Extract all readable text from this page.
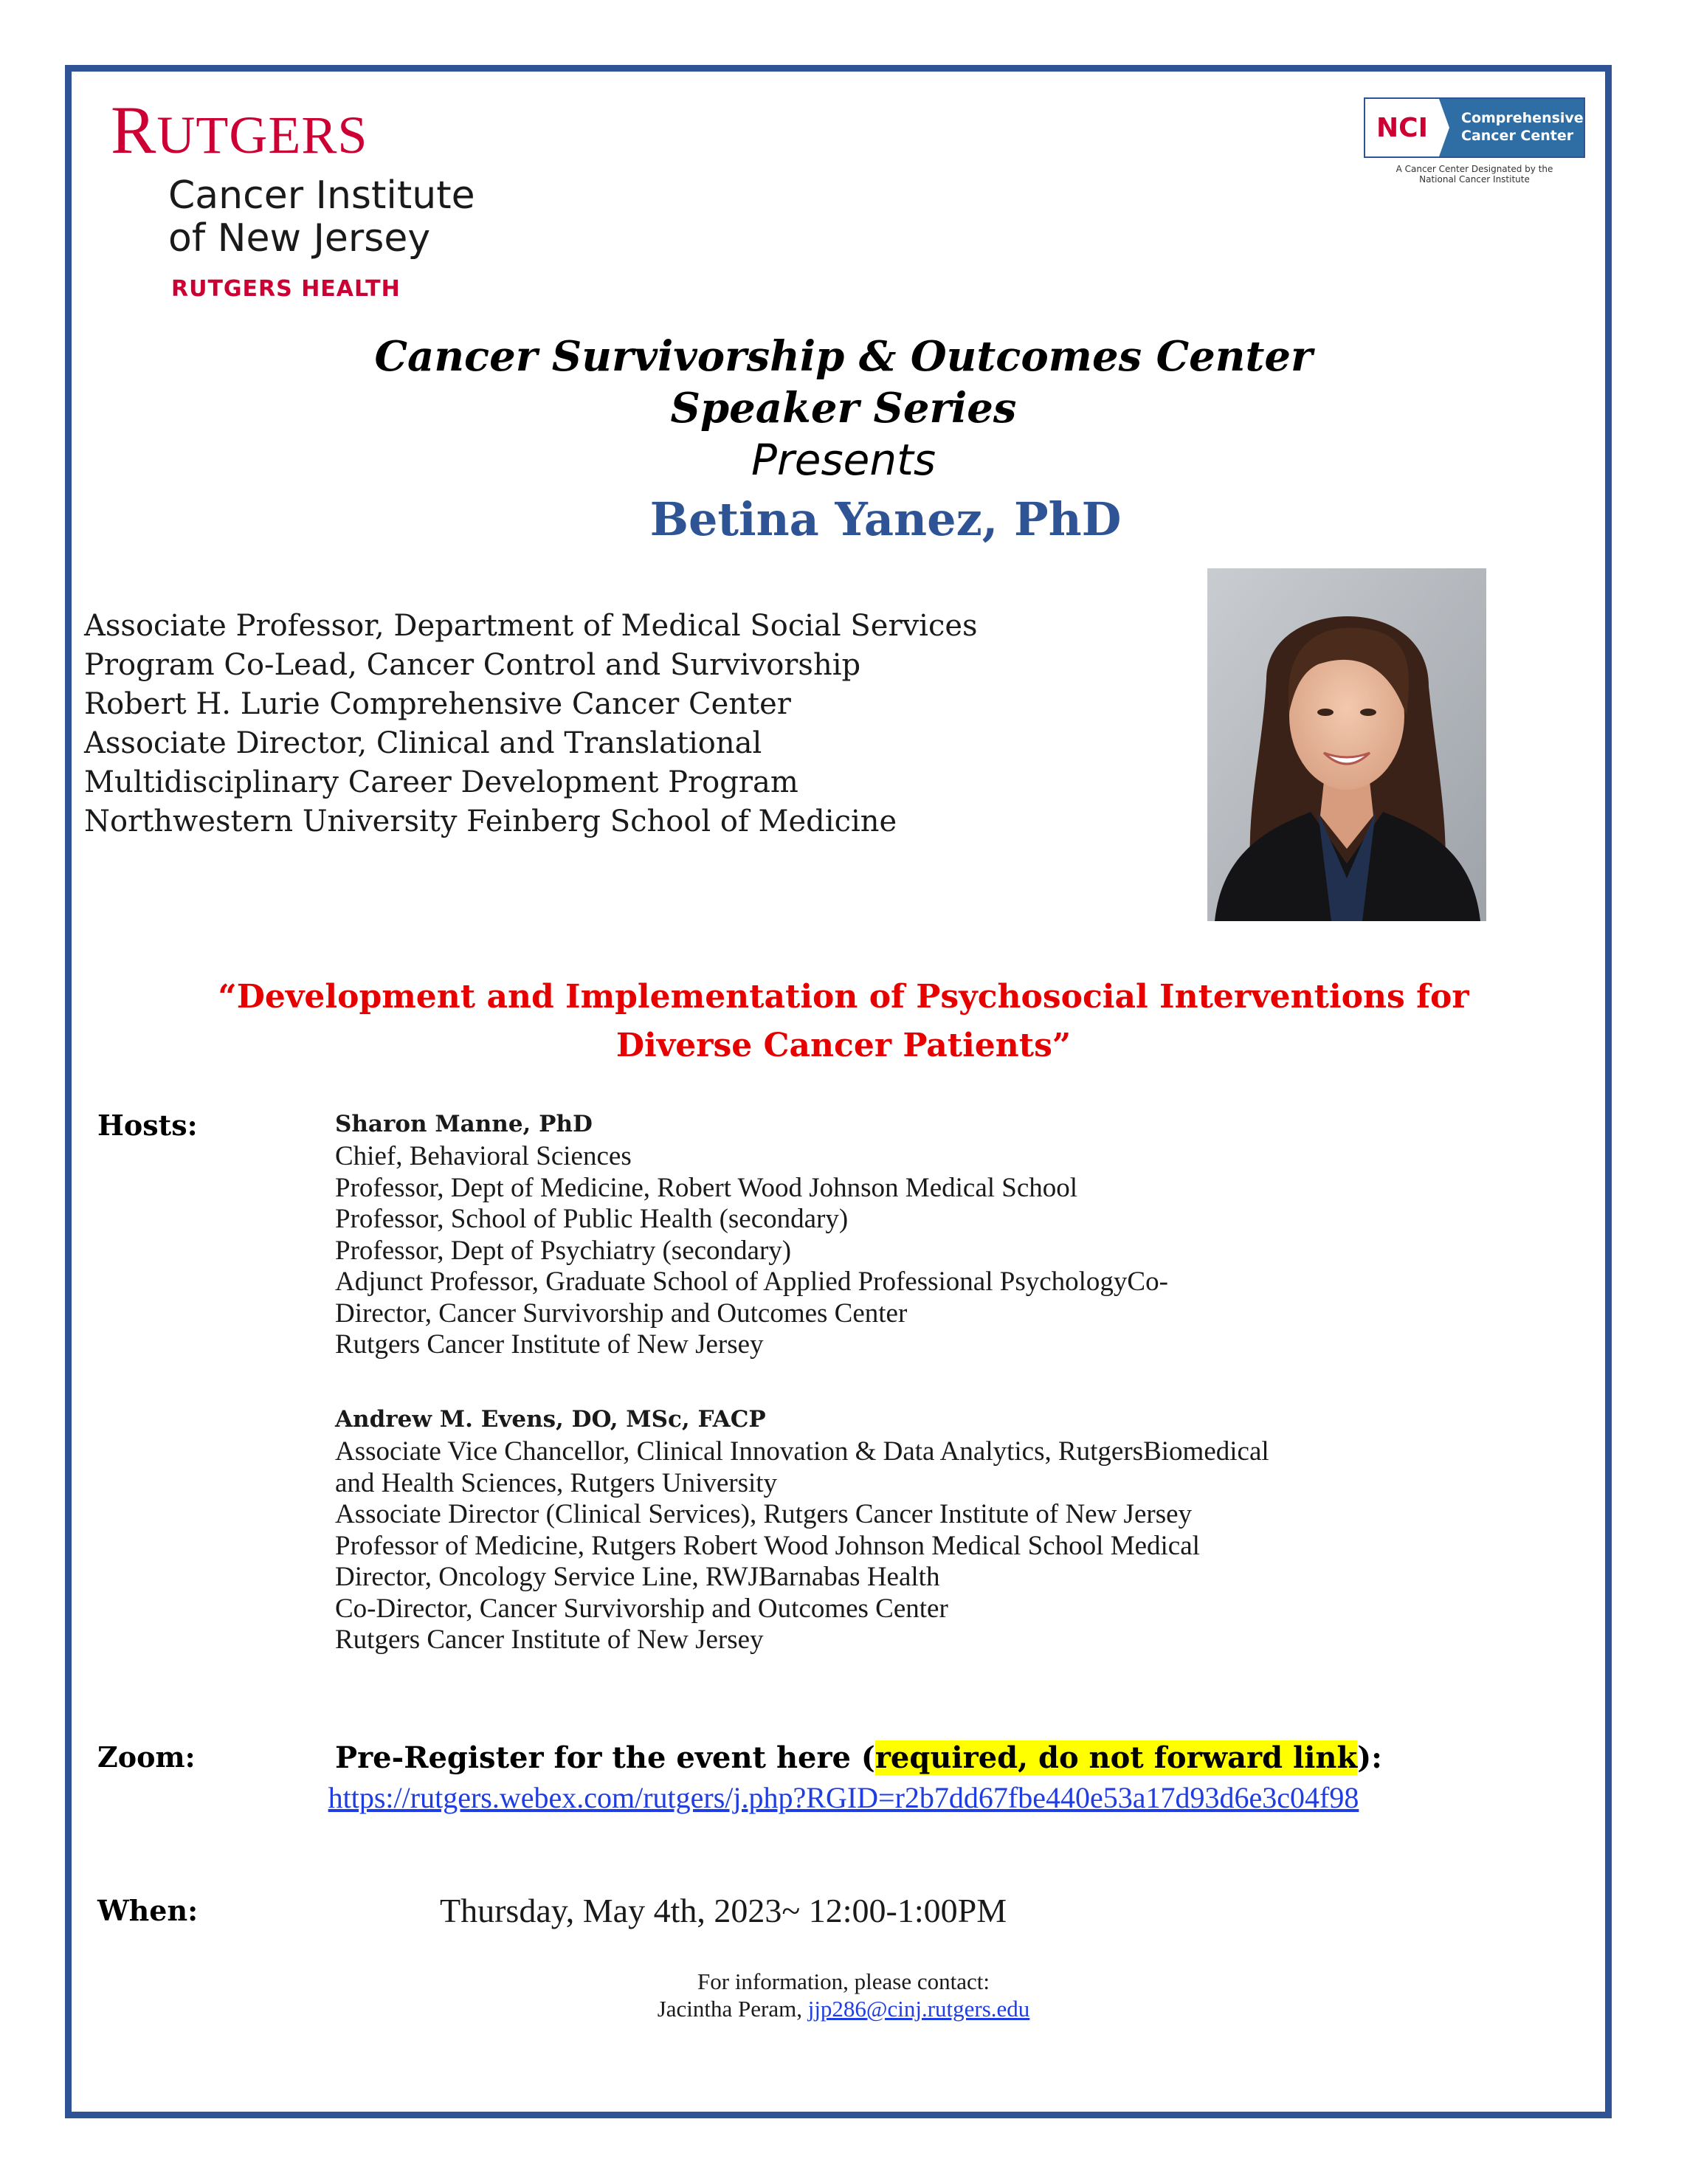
RUTGERS
Cancer Institute
of New Jersey
RUTGERS HEALTH
NCI	Comprehensive
Cancer Center
A Cancer Center Designated by the
National Cancer Institute
Cancer Survivorship & Outcomes Center
Speaker Series
Presents
Betina Yanez, PhD
Associate Professor, Department of Medical Social Services
Program Co-Lead, Cancer Control and Survivorship
Robert H. Lurie Comprehensive Cancer Center
Associate Director, Clinical and Translational
Multidisciplinary Career Development Program
Northwestern University Feinberg School of Medicine
“Development and Implementation of Psychosocial Interventions for
Diverse Cancer Patients”
Hosts:	Sharon Manne, PhD
Chief, Behavioral Sciences
Professor, Dept of Medicine, Robert Wood Johnson Medical School
Professor, School of Public Health (secondary)
Professor, Dept of Psychiatry (secondary)
Adjunct Professor, Graduate School of Applied Professional PsychologyCo-
Director, Cancer Survivorship and Outcomes Center
Rutgers Cancer Institute of New Jersey
Andrew M. Evens, DO, MSc, FACP
Associate Vice Chancellor, Clinical Innovation & Data Analytics, RutgersBiomedical
and Health Sciences, Rutgers University
Associate Director (Clinical Services), Rutgers Cancer Institute of New Jersey
Professor of Medicine, Rutgers Robert Wood Johnson Medical School Medical
Director, Oncology Service Line, RWJBarnabas Health
Co-Director, Cancer Survivorship and Outcomes Center
Rutgers Cancer Institute of New Jersey
Zoom:	Pre-Register for the event here (required, do not forward link):
https://rutgers.webex.com/rutgers/j.php?RGID=r2b7dd67fbe440e53a17d93d6e3c04f98
When:	Thursday, May 4th, 2023~ 12:00-1:00PM
For information, please contact:
Jacintha Peram, jjp286@cinj.rutgers.edu
